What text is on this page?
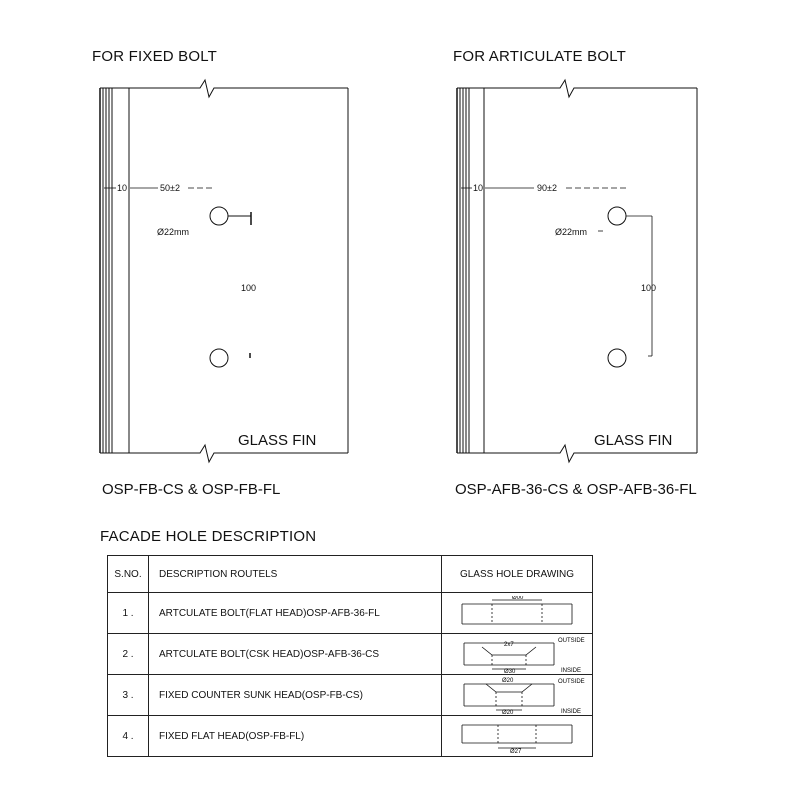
FOR FIXED BOLT
10	50±2
Ø22mm
100
GLASS FIN
OSP-FB-CS & OSP-FB-FL
FOR ARTICULATE BOLT
10	90±2
Ø22mm
100
GLASS FIN
OSP-AFB-36-CS & OSP-AFB-36-FL
FACADE HOLE DESCRIPTION
S.NO.	DESCRIPTION ROUTELS	GLASS HOLE DRAWING
1 .	ARTCULATE BOLT(FLAT HEAD)OSP-AFB-36-FL	Ø00

2 .	ARTCULATE BOLT(CSK HEAD)OSP-AFB-36-CS	2x7
Ø30
OUTSIDE
INSIDE

3 .	FIXED COUNTER SUNK HEAD(OSP-FB-CS)	Ø20
Ø20
OUTSIDE
INSIDE

4 .	FIXED FLAT HEAD(OSP-FB-FL)	Ø27
